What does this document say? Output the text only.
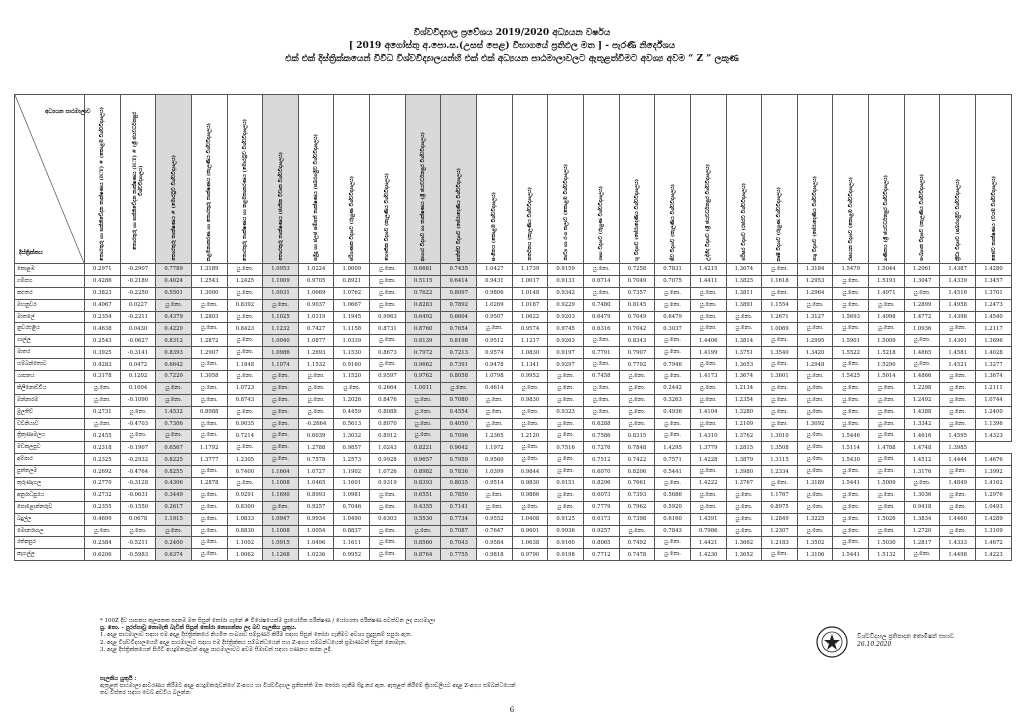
විශ්වවිද්‍යාල ප්‍රවේශය 2019/2020 අධ්‍යයන වර්ෂය
[ 2019 අගෝස්තු අ.පො.ස.(උසස් පෙළ) විභාගයේ ප්‍රතිඵල මත ] - පැරණි නිර්දේශය
එක් එක් දිස්ත්‍රික්කයෙන් විවිධ විශ්වවිද්‍යාලයන්හි එක් එක් අධ්‍යයන පාඨමාලාවලට ඇතුළත්වීමට අවශ්‍ය අවම “ Z ” ලකුණ
අධ්‍යයන පාඨමාලාව
දිස්ත්‍රික්කය	තොරතුරු හා සන්නිවේදන තාක්ෂණය (ICT) # (කොළඹ විශ්වවිද්‍යාලය)	තොරතුරු හා සන්නිවේදන තාක්ෂණය (ICT) # (ශ්‍රී ජයවර්ධනපුර විශ්වවිද්‍යාලය)	තොරතුරු තාක්ෂණය # (මොරටුව විශ්වවිද්‍යාලය)	කළමනාකරණ හා තොරතුරු තාක්ෂණය (කැලණිය විශ්වවිද්‍යාලය)	තොරතුරු තාක්ෂණය හා කළමනාකරණය (මොරටුව විශ්වවිද්‍යාලය)	තොරතුරු තාක්ෂණය (ජාතික විවෘත විශ්වවිද්‍යාලය)	සමුද්‍ර හා ජලජ සම්පත් තාක්ෂණය (සබරගමුව විශ්වවිද්‍යාලය)	පරිගණක විද්‍යාව (රුහුණ විශ්වවිද්‍යාලය)	භෞතික විද්‍යාව (කැලණිය විශ්වවිද්‍යාලය)	ආහාර විද්‍යාව හා තාක්ෂණය (ශ්‍රී ජයවර්ධනපුර විශ්වවිද්‍යාලය)	සත්ත්ව විද්‍යාව (පේරාදෙණිය විශ්වවිද්‍යාලය)	සංගීතය (කොළඹ විශ්වවිද්‍යාලය)	නර්තනය (කැලණිය විශ්වවිද්‍යාලය)	නාට්‍ය හා රංග කලාව (කොළඹ විශ්වවිද්‍යාලය)	ගෘහ විද්‍යාව (රුහුණ විශ්වවිද්‍යාලය)	භූ විද්‍යාව (පේරාදෙණිය විශ්වවිද්‍යාලය)	ජීව විද්‍යාව (කැලණිය විශ්වවිද්‍යාලය)	උද්භිද විද්‍යාව (ශ්‍රී ජයවර්ධනපුර විශ්වවිද්‍යාලය)	පරිසර විද්‍යාව (රජරට විශ්වවිද්‍යාලය)	කෘෂි විද්‍යාව (රුහුණ විශ්වවිද්‍යාලය)	පශු විද්‍යාව (පේරාදෙණිය විශ්වවිද්‍යාලය)	රසායන විද්‍යාව (කොළඹ විශ්වවිද්‍යාලය)	ගණිතය (ශ්‍රී ජයවර්ධනපුර විශ්වවිද්‍යාලය)	සංඛ්‍යාන විද්‍යාව (කැලණිය විශ්වවිද්‍යාලය)	ක්‍රීඩා විද්‍යාව (සබරගමුව විශ්වවිද්‍යාලය)	ජෛව තාක්ෂණය (වයඹ විශ්වවිද්‍යාලය)
කොළඹ	0.2971	-0.2907	0.7789	1.3189	යු.නො.	1.0953	1.0224	1.0009	යු.නො.	0.6681	0.7435	1.0427	1.1739	0.9159	යු.නො.	0.7258	0.7831	1.4215	1.3674	යු.නො.	1.3184	1.5479	1.5044	1.2061	1.4387	1.4280
ගම්පහ	0.4286	-0.2189	0.4024	1.2543	1.2425	1.1009	0.9705	0.8921	යු.නො.	0.5115	0.6414	0.9431	1.0017	0.9131	0.6714	0.7049	0.7075	1.4411	1.3825	1.1618	1.2953	යු.නො.	1.5193	1.3047	1.4339	1.3457
කළුතර	0.3823	-0.2250	0.5501	1.3000	යු.නො.	1.0931	1.0669	1.0762	යු.නො.	0.7622	0.8097	0.9806	1.0148	0.9342	යු.නො.	0.7357	යු.නො.	යු.නො.	1.3811	යු.නො.	1.2964	යු.නො.	1.4971	යු.නො.	1.4516	1.3701
මහනුවර	0.4067	0.0227	යු.නො.	යු.නො.	0.8392	යු.නො.	0.9037	1.0667	යු.නො.	0.8283	0.7892	1.0269	1.0187	0.9229	0.7480	0.8145	යු.නො.	යු.නො.	1.3891	1.1554	යු.නො.	යු.නො.	යු.නො.	1.2899	1.4958	1.2473
මාතලේ	0.2354	-0.2211	0.4379	1.2803	යු.නො.	1.1025	1.0319	1.1945	0.9963	0.6492	0.6604	0.9507	1.0622	0.9203	0.6479	0.7049	0.6479	යු.නො.	යු.නො.	1.2671	1.3127	1.5693	1.4998	1.4772	1.4398	1.4540
නුවරඑළිය	0.4638	0.0430	0.4220	යු.නො.	0.8423	1.1232	0.7427	1.1158	0.8731	0.8760	0.7654	යු.නො.	0.9574	0.9745	0.6316	0.7042	0.3037	යු.නො.	යු.නො.	1.0069	යු.නො.	යු.නො.	යු.නො.	1.0936	යු.නො.	1.2117
ගාල්ල	0.2543	-0.0627	0.8312	1.2872	යු.නො.	1.0940	1.0877	1.0339	යු.නො.	0.8139	0.8198	0.9512	1.1217	0.9263	යු.නො.	0.8343	යු.නො.	1.4406	1.3814	යු.නො.	1.2995	1.5901	1.5009	යු.නො.	1.4301	1.3696
මාතර	0.3925	-0.3141	0.8393	1.2907	යු.නො.	1.0986	1.2693	1.1530	0.8673	0.7972	0.7213	0.9574	1.0830	0.9197	0.7791	0.7907	යු.නො.	1.4199	1.3751	1.3540	1.3420	1.5522	1.5218	1.4865	1.4581	1.4028
හම්බන්තොට	0.4283	0.0472	0.6642	යු.නො.	1.1848	1.1074	1.1532	0.9160	යු.නො.	0.9662	0.7391	0.9478	1.1341	0.9297	යු.නො.	0.7792	0.7946	යු.නො.	1.3653	යු.නො.	1.2948	යු.නො.	1.5290	යු.නො.	1.4521	1.3277
යාපනය	0.3178	0.1202	0.7220	1.3058	යු.නො.	යු.නො.	යු.නො.	1.1520	0.9597	0.9762	0.8058	1.0798	0.9952	යු.නො.	0.7458	යු.නො.	යු.නො.	1.4173	1.3674	1.3601	යු.නො.	1.5425	1.5014	1.4866	යු.නො.	1.3674
කිලිනොච්චිය	යු.නො.	0.1604	යු.නො.	යු.නො.	1.0723	යු.නො.	යු.නො.	යු.නො.	0.2664	1.0011	යු.නො.	0.4614	යු.නො.	යු.නො.	යු.නො.	යු.නො.	0.2442	යු.නො.	1.2134	යු.නො.	යු.නො.	යු.නො.	යු.නො.	1.2298	යු.නො.	1.2111
මන්නාරම	යු.නො.	-0.1090	යු.නො.	යු.නො.	0.8743	යු.නො.	යු.නො.	1.2026	0.8476	යු.නො.	0.7080	යු.නො.	0.9830	යු.නො.	යු.නො.	යු.නො.	0.3263	යු.නො.	1.2354	යු.නො.	යු.නො.	යු.නො.	යු.නො.	1.2492	යු.නො.	1.0744
මුලතිව්	0.2731	යු.නො.	1.4532	0.8988	යු.නො.	යු.නො.	යු.නො.	0.4459	0.8088	යු.නො.	0.4554	යු.නො.	යු.නො.	0.9323	යු.නො.	යු.නො.	0.4936	1.4104	1.3280	යු.නො.	යු.නො.	යු.නො.	යු.නො.	1.4388	යු.නො.	1.2400
වව්නියාව	යු.නො.	-0.4703	0.7306	යු.නො.	0.9035	යු.නො.	-0.2664	0.5613	0.8070	යු.නො.	0.4050	යු.නො.	යු.නො.	යු.නො.	0.6288	යු.නො.	යු.නො.	යු.නො.	1.2109	යු.නො.	1.3092	යු.නො.	යු.නො.	1.3342	යු.නො.	1.1396
ත්‍රිකුණාමලය	0.2455	යු.නො.	යු.නො.	යු.නො.	0.7214	යු.නො.	0.6039	1.3032	0.8912	යු.නො.	0.7096	1.2365	1.2120	යු.නො.	0.7586	0.8315	යු.නො.	1.4310	1.3762	1.3010	යු.නො.	1.5446	යු.නො.	1.4616	1.4595	1.4323
මඩකලපුව	0.2318	-0.1907	0.6567	1.1792	යු.නො.	යු.නො.	1.2788	0.9857	1.0243	0.8221	0.9642	1.1972	යු.නො.	0.7516	0.7276	0.7848	1.4295	1.3779	1.2815	1.3508	යු.නො.	1.5114	1.4788	1.4748	1.3985	
අම්පාර	0.2325	-0.2932	0.8225	1.3777	1.2305	යු.නො.	0.7578	1.2573	0.9928	0.9657	0.7959	0.9560	යු.නො.	යු.නො.	0.7512	0.7422	0.7571	1.4228	1.3879	1.3115	යු.නො.	1.5430	යු.නො.	1.4512	1.4444	1.4676
පුත්තලම	0.2692	-0.4764	0.8255	යු.නො.	0.7400	1.1664	1.0727	1.1902	1.0726	0.8982	0.7836	1.0399	0.9844	යු.නො.	0.6070	0.8206	0.5441	යු.නො.	1.3980	1.2334	යු.නො.	යු.නො.	යු.නො.	1.3176	යු.නො.	1.3992
කුරුණෑගල	0.2770	-0.3128	0.4306	1.2878	යු.නො.	1.1008	1.0465	1.1601	0.9319	0.8393	0.8035	0.9514	0.9830	0.9151	0.8296	0.7661	යු.නො.	1.4222	1.3767	යු.නො.	1.3189	1.5441	1.5009	යු.නො.	1.4849	1.4162
අනුරාධපුරය	0.2732	-0.0631	0.3449	යු.නො.	0.9291	1.1690	0.8993	1.0981	යු.නො.	0.6551	0.7850	යු.නො.	0.9866	යු.නො.	0.6073	0.7393	0.5686	යු.නො.	යු.නො.	1.1767	යු.නො.	යු.නො.	යු.නො.	1.3036	යු.නො.	1.2976
පොළොන්නරුව	0.2355	-0.1550	0.2617	යු.නො.	0.8300	යු.නො.	0.9257	0.7046	යු.නො.	0.4355	0.7141	යු.නො.	යු.නො.	යු.නො.	0.7779	0.7962	0.5920	යු.නො.	යු.නො.	0.8975	යු.නො.	යු.නො.	යු.නො.	0.9418	යු.නො.	1.0493
බදුල්ල	0.4699	0.0678	1.1915	යු.නො.	1.0833	1.0947	0.9934	1.0490	0.6303	0.5530	0.7734	0.9552	1.0408	0.9125	0.6173	0.7398	0.6160	1.4391	යු.නො.	1.2849	1.3225	යු.නො.	1.5026	1.3834	1.4460	1.4289
මොනරාගල	යු.නො.	යු.නො.	යු.නො.	යු.නො.	0.8830	1.1008	1.0054	0.8837	යු.නො.	යු.නො.	0.7087	0.7647	0.9601	0.9936	0.9257	යු.නො.	0.7843	0.7986	යු.නො.	1.2307	යු.නො.	යු.නො.	යු.නො.	1.2720	යු.නො.	1.3109
රත්නපුර	0.2384	-0.5211	0.2400	යු.නො.	1.1002	1.0915	1.0496	1.1611	යු.නො.	0.8560	0.7043	0.9584	1.0638	0.9160	0.8065	0.7492	යු.නො.	1.4421	1.3662	1.2183	1.3502	යු.නො.	1.5030	1.2817	1.4333	1.4672
කෑගල්ල	0.6206	-0.5983	0.6374	යු.නො.	1.0062	1.1268	1.0236	0.9952	යු.නො.	0.8764	0.7755	0.9818	0.9790	0.9198	0.7712	0.7478	යු.නො.	1.4230	1.3652	යු.නො.	1.3106	1.5441	1.5132	යු.නො.	1.4498	1.4223
* 100Z දිව යාපනය කුලපතක පදනම මත සිසුන් තෝරා ගැනේ # විශේෂයෙන්ම ප්‍රායෝගික පරීක්ෂණ / යෝග්‍යතා පරීක්ෂණ පවත්වන ලද පාඨමාලා
යු. නො. - පුරප්පාඩු නොමැති බැවින් සිසුන් තෝරා නොගන්නා ලද බව සැලකිය යුතුය.
1. අදාළ පාඨමාලාව සඳහා එම අදාළ දිස්ත්‍රික්කයේ නියමිත සංඛ්‍යාව සම්පූර්ණ කිරීම සඳහා සිසුන් තෝරා ගැනීමට අවශ්‍ය සුදුසුකම් සපුරා ඇත.
2. අදාළ විශ්වවිද්‍යාලයෙහි අදාළ පාඨමාලාව සඳහා එම දිස්ත්‍රික්කය සම්බන්ධයෙන් සහ Z-අගය සම්බන්ධයෙන් ප්‍රමාණවත් සිසුන් නොමැත.
3. අදාළ දිස්ත්‍රික්කයෙන් පිහිටි අයදුම්කරුවන් අදාළ පාඨමාලාවට අවම සීමාවක් සඳහා ගණනය කරන ලදී.
සැලකිය යුතුයි :
ඇතුළත් පාඨමාලා ආවරණය කිරීමට අදාළ අයදුම්කරුවන්ගේ Z-අගය හා විශ්වවිද්‍යාල ප්‍රතිපත්ති මත තෝරා ගැනීම සිදු කර ඇත. ඇතුළත් කිරීමේ ක්‍රියාවලියට අදාළ Z-අගය සම්බන්ධයෙන්
තව විස්තර සඳහා වෙබ් අඩවිය බලන්න.
විශ්වවිද්‍යාල ප්‍රතිපාදන කොමිෂන් සභාව
26.10.2020
6
